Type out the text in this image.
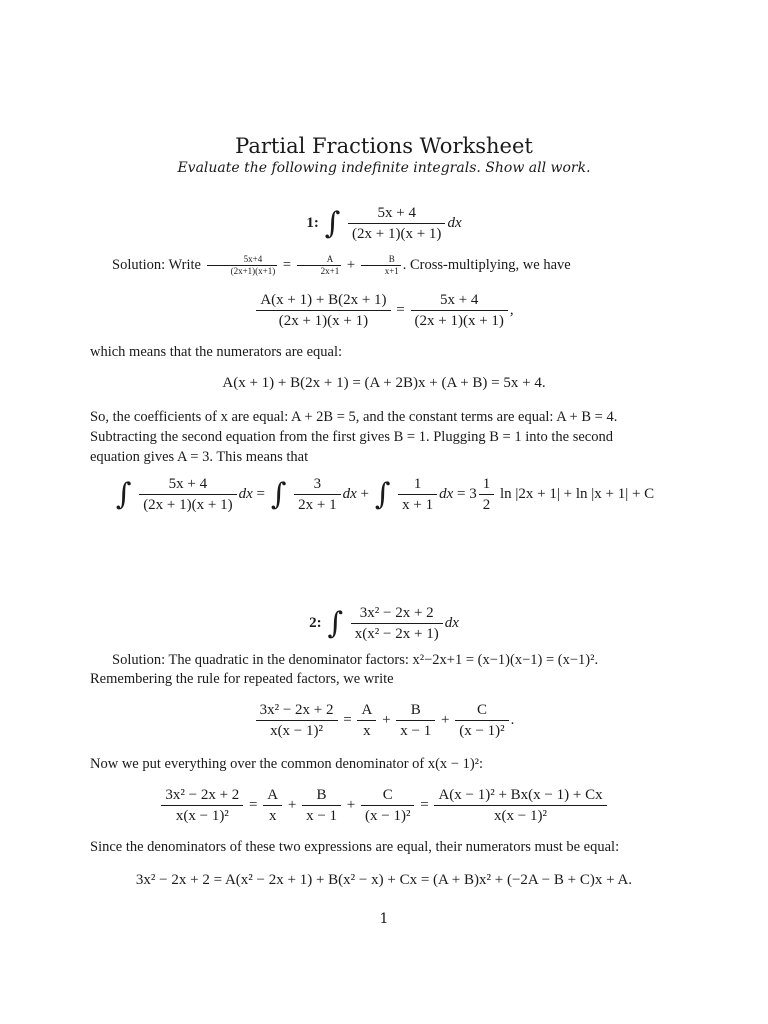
Partial Fractions Worksheet
Evaluate the following indefinite integrals. Show all work.
1: ∫ $\frac{5x + 4}{(2x + 1)(x + 1)}$ dx
Solution: Write $\frac{5x+4}{(2x+1)(x+1)} = \frac{A}{2x+1} + \frac{B}{x+1}$ . Cross-multiplying, we have
$\frac{A(x + 1) + B(2x + 1)}{(2x + 1)(x + 1)} = \frac{5x + 4}{(2x + 1)(x + 1)}$ ,
which means that the numerators are equal:
A(x + 1) + B(2x + 1) = (A + 2B)x + (A + B) = 5x + 4.
So, the coefficients of x are equal: A + 2B = 5, and the constant terms are equal: A + B = 4.
Subtracting the second equation from the first gives B = 1. Plugging B = 1 into the second
equation gives A = 3. This means that
∫ $\frac{5x + 4}{(2x + 1)(x + 1)}$ dx = ∫ $\frac{3}{2x + 1}$ dx + ∫ $\frac{1}{x + 1}$ dx = $3 \frac{1}{2}$ ln |2x + 1| + ln |x + 1| + C
2: ∫ $\frac{\text{3x² − 2x + 2}}{\text{x(x² − 2x + 1)}}$ dx
Solution: The quadratic in the denominator factors: x²−2x+1 = (x−1)(x−1) = (x−1)².
Remembering the rule for repeated factors, we write
$\frac{\text{3x² − 2x + 2}}{\text{x(x − 1)²}} = \frac{A}{x} + \frac{B}{x - 1} + \frac{C}{\text{(x − 1)²}}$ .
Now we put everything over the common denominator of x(x − 1)²:
$\frac{\text{3x² − 2x + 2}}{\text{x(x − 1)²}} = \frac{A}{x} + \frac{B}{x - 1} + \frac{C}{\text{(x − 1)²}} = \frac{\text{A(x − 1)² + Bx(x − 1) + Cx}}{\text{x(x − 1)²}}$
Since the denominators of these two expressions are equal, their numerators must be equal:
3x² − 2x + 2 = A(x² − 2x + 1) + B(x² − x) + Cx = (A + B)x² + (−2A − B + C)x + A.
1
